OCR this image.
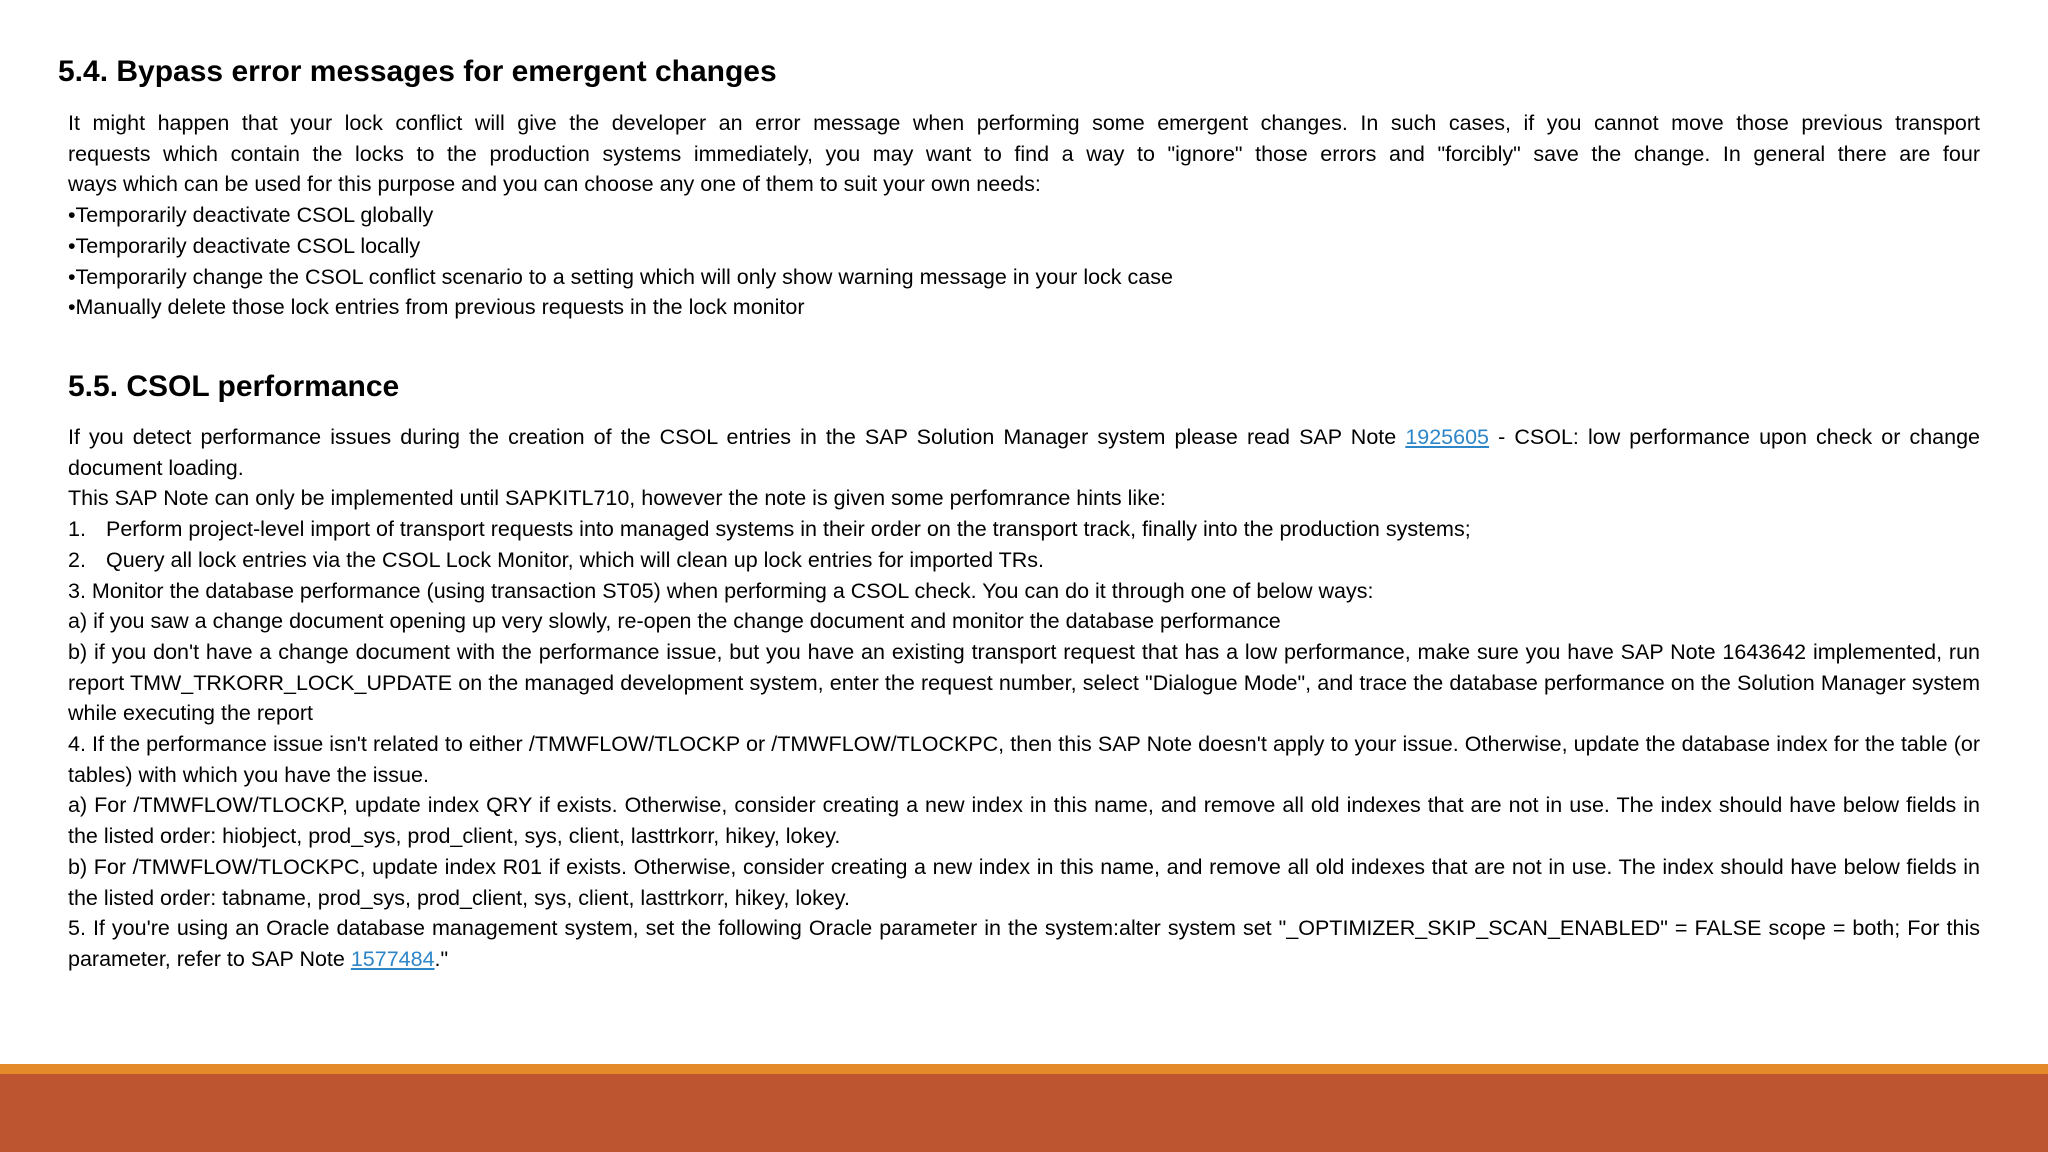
5.4. Bypass error messages for emergent changes
It might happen that your lock conflict will give the developer an error message when performing some emergent changes. In such cases, if you cannot move those previous transport
requests which contain the locks to the production systems immediately, you may want to find a way to "ignore" those errors and "forcibly" save the change. In general there are four
ways which can be used for this purpose and you can choose any one of them to suit your own needs:
•Temporarily deactivate CSOL globally
•Temporarily deactivate CSOL locally
•Temporarily change the CSOL conflict scenario to a setting which will only show warning message in your lock case
•Manually delete those lock entries from previous requests in the lock monitor
5.5. CSOL performance
If you detect performance issues during the creation of the CSOL entries in the SAP Solution Manager system please read SAP Note 1925605 - CSOL: low performance upon check or change document loading.
This SAP Note can only be implemented until SAPKITL710, however the note is given some perfomrance hints like:
1. Perform project-level import of transport requests into managed systems in their order on the transport track, finally into the production systems;
2. Query all lock entries via the CSOL Lock Monitor, which will clean up lock entries for imported TRs.
3. Monitor the database performance (using transaction ST05) when performing a CSOL check. You can do it through one of below ways:
a) if you saw a change document opening up very slowly, re-open the change document and monitor the database performance
b) if you don't have a change document with the performance issue, but you have an existing transport request that has a low performance, make sure you have SAP Note 1643642 implemented, run report TMW_TRKORR_LOCK_UPDATE on the managed development system, enter the request number, select "Dialogue Mode", and trace the database performance on the Solution Manager system while executing the report
4. If the performance issue isn't related to either /TMWFLOW/TLOCKP or /TMWFLOW/TLOCKPC, then this SAP Note doesn't apply to your issue. Otherwise, update the database index for the table (or tables) with which you have the issue.
a) For /TMWFLOW/TLOCKP, update index QRY if exists. Otherwise, consider creating a new index in this name, and remove all old indexes that are not in use. The index should have below fields in the listed order: hiobject, prod_sys, prod_client, sys, client, lasttrkorr, hikey, lokey.
b) For /TMWFLOW/TLOCKPC, update index R01 if exists. Otherwise, consider creating a new index in this name, and remove all old indexes that are not in use. The index should have below fields in the listed order: tabname, prod_sys, prod_client, sys, client, lasttrkorr, hikey, lokey.
5. If you're using an Oracle database management system, set the following Oracle parameter in the system:alter system set "_OPTIMIZER_SKIP_SCAN_ENABLED" = FALSE scope = both; For this parameter, refer to SAP Note 1577484."
